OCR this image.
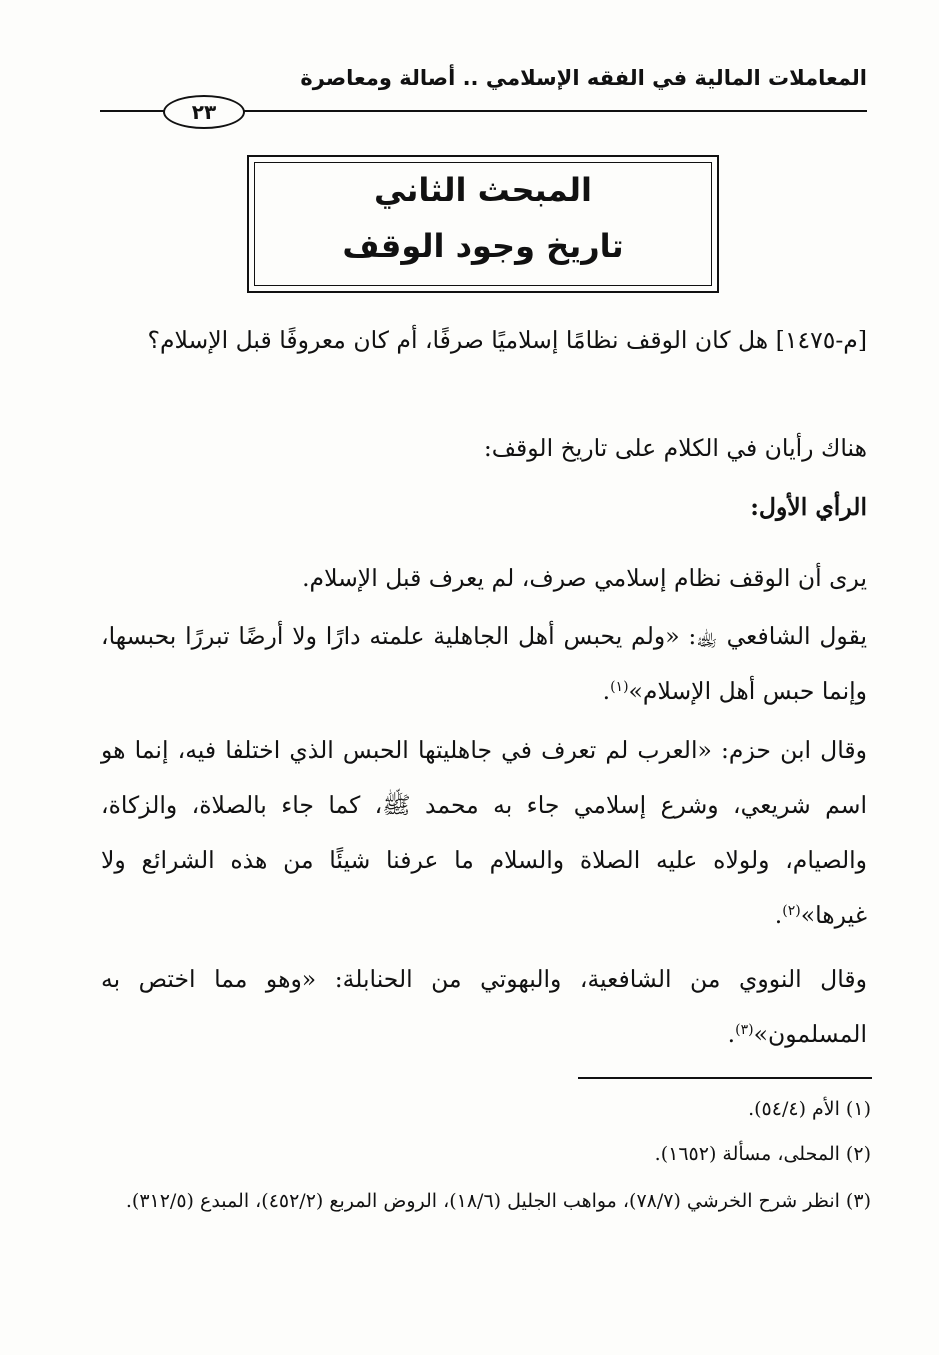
المعاملات المالية في الفقه الإسلامي .. أصالة ومعاصرة
٢٣
المبحث الثاني
تاريخ وجود الوقف
[م-١٤٧٥] هل كان الوقف نظامًا إسلاميًا صرفًا، أم كان معروفًا قبل الإسلام؟
هناك رأيان في الكلام على تاريخ الوقف:
الرأي الأول:
يرى أن الوقف نظام إسلامي صرف، لم يعرف قبل الإسلام.
يقول الشافعي ﵀: «ولم يحبس أهل الجاهلية علمته دارًا ولا أرضًا تبررًا بحبسها، وإنما حبس أهل الإسلام»$^{(١)}$.
وقال ابن حزم: «العرب لم تعرف في جاهليتها الحبس الذي اختلفا فيه، إنما هو اسم شريعي، وشرع إسلامي جاء به محمد ﷺ، كما جاء بالصلاة، والزكاة، والصيام، ولولاه عليه الصلاة والسلام ما عرفنا شيئًا من هذه الشرائع ولا غيرها»$^{(٢)}$.
وقال النووي من الشافعية، والبهوتي من الحنابلة: «وهو مما اختص به المسلمون»$^{(٣)}$.
(١) الأم (٥٤/٤).
(٢) المحلى، مسألة (١٦٥٢).
(٣) انظر شرح الخرشي (٧٨/٧)، مواهب الجليل (١٨/٦)، الروض المربع (٤٥٢/٢)، المبدع (٣١٢/٥).
